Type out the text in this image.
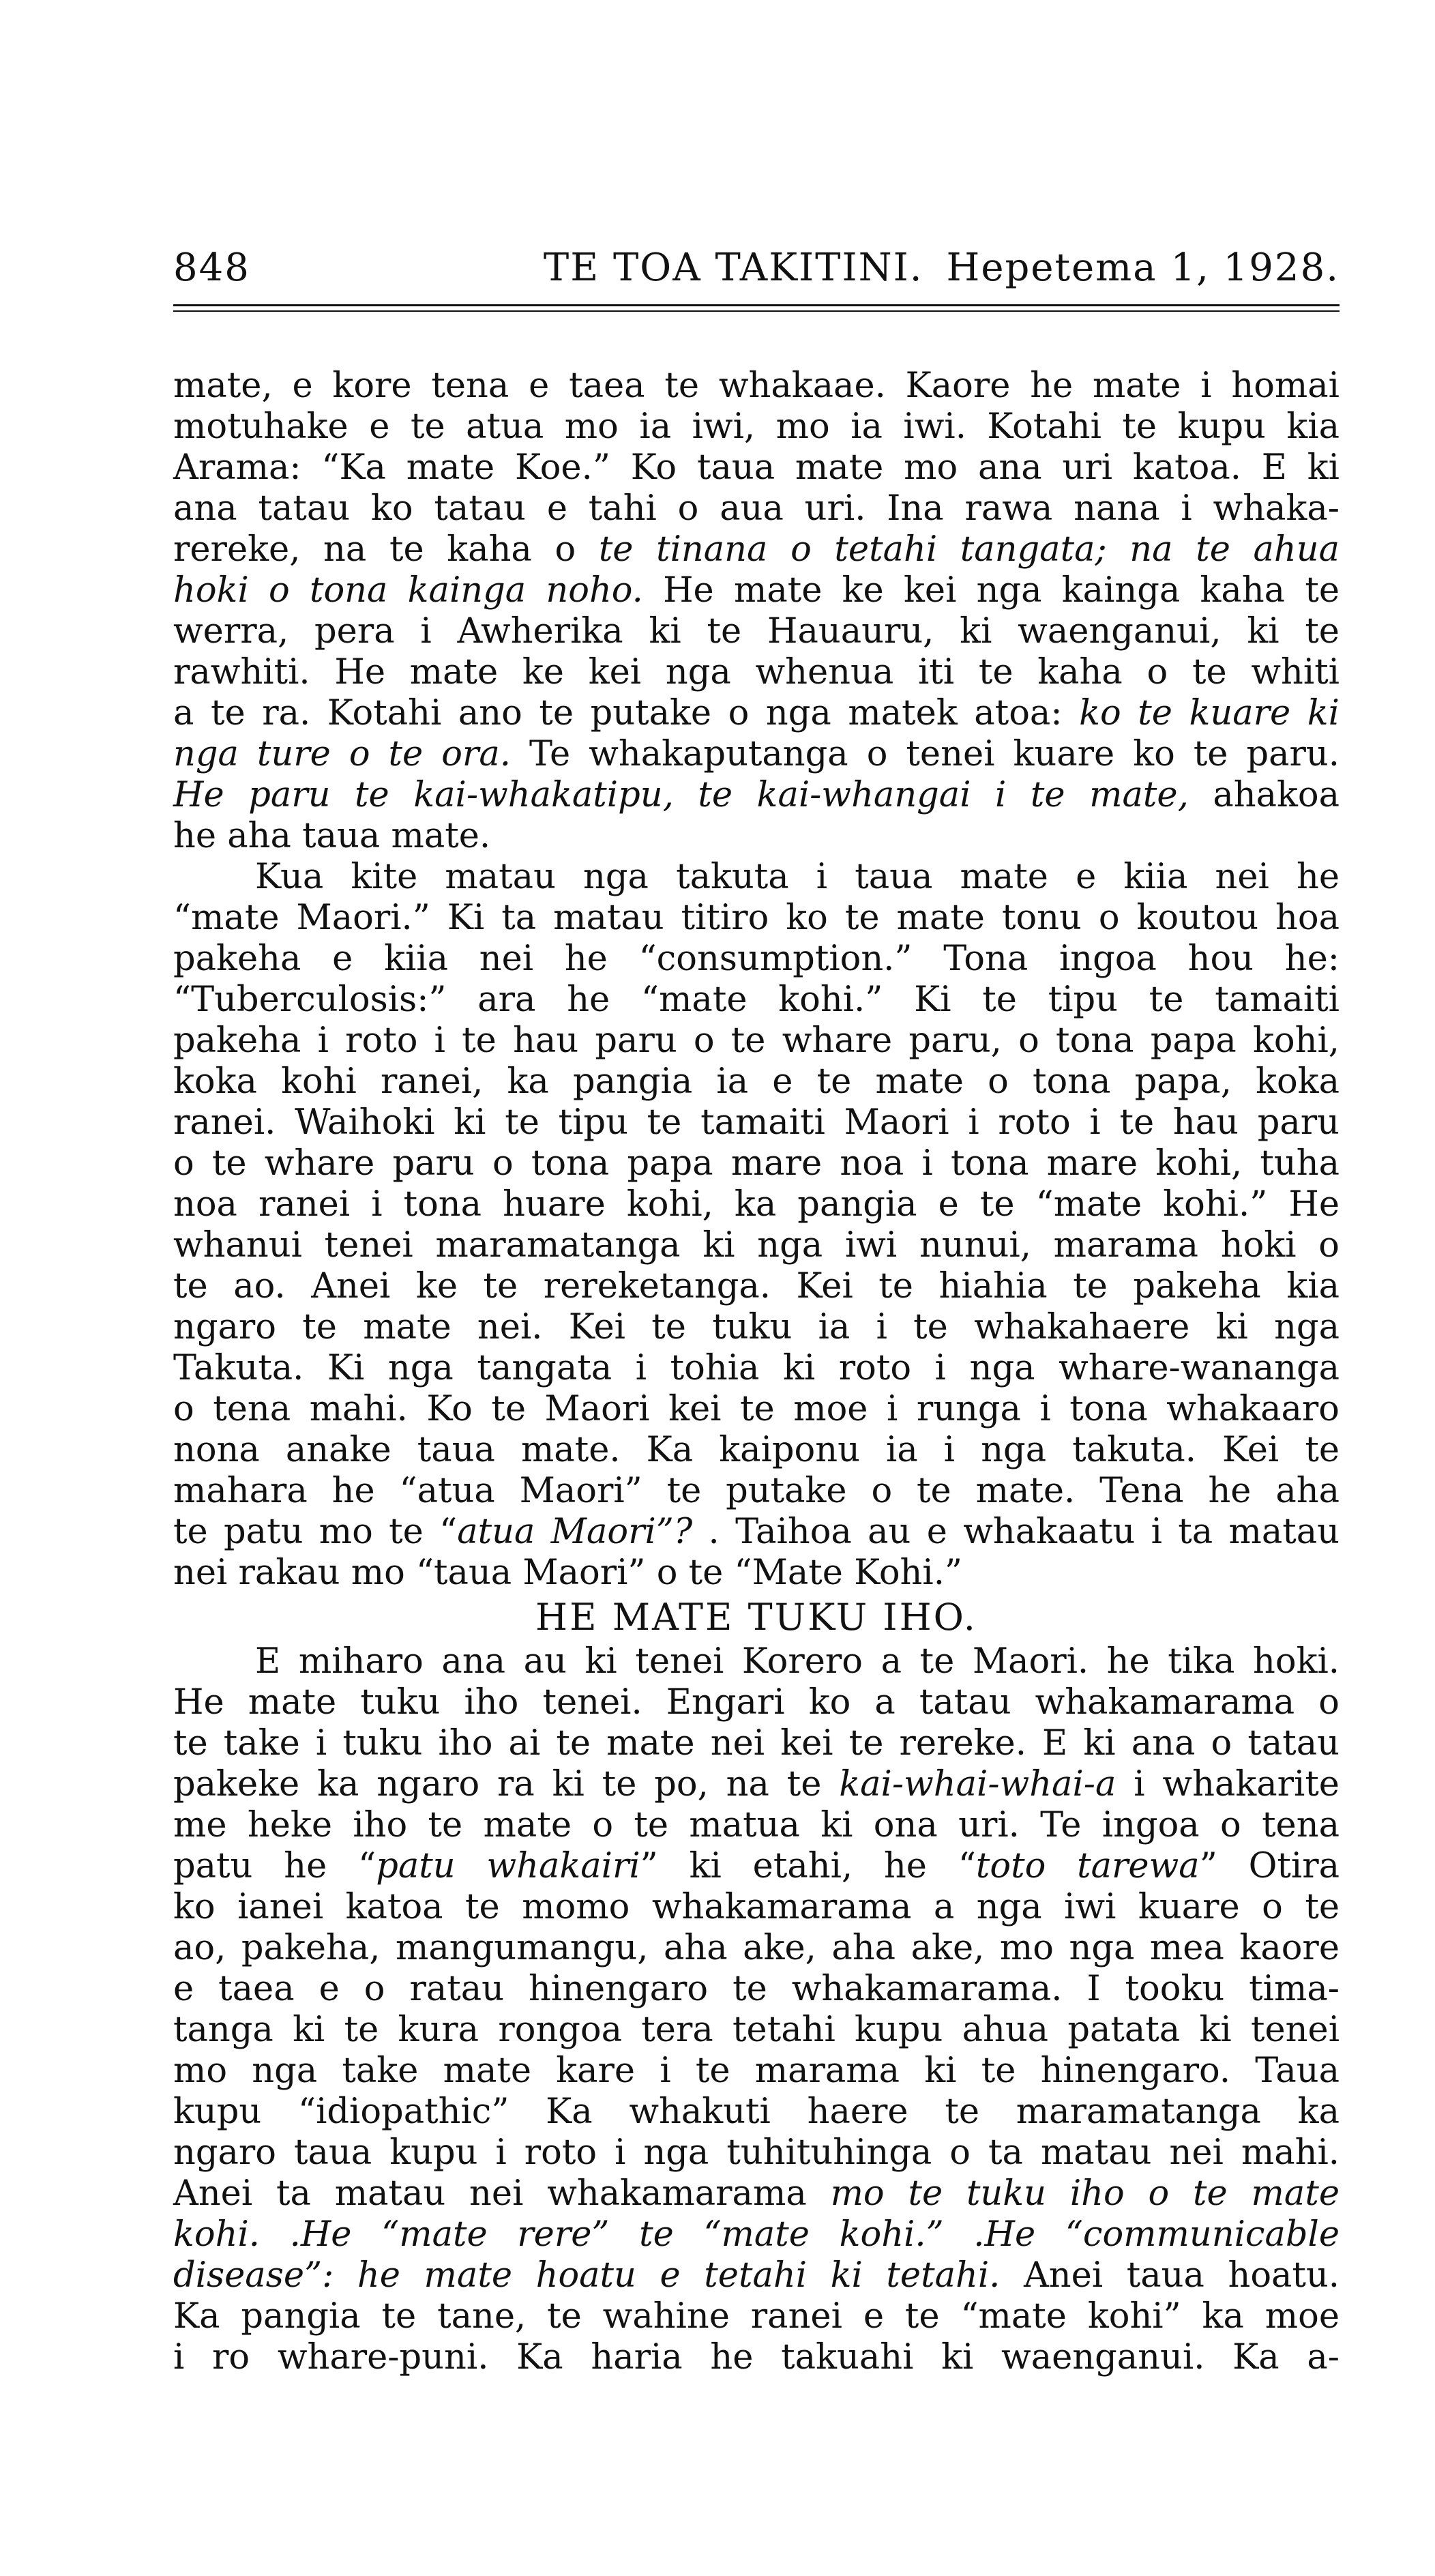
848	TE TOA TAKITINI. Hepetema 1, 1928.
mate, e kore tena e taea te whakaae. Kaore he mate i homai
motuhake e te atua mo ia iwi, mo ia iwi. Kotahi te kupu kia
Arama: “Ka mate Koe.” Ko taua mate mo ana uri katoa. E ki
ana tatau ko tatau e tahi o aua uri. Ina rawa nana i whaka-
rereke, na te kaha o te tinana o tetahi tangata; na te ahua
hoki o tona kainga noho. He mate ke kei nga kainga kaha te
werra, pera i Awherika ki te Hauauru, ki waenganui, ki te
rawhiti. He mate ke kei nga whenua iti te kaha o te whiti
a te ra. Kotahi ano te putake o nga matek atoa: ko te kuare ki
nga ture o te ora. Te whakaputanga o tenei kuare ko te paru.
He paru te kai-whakatipu, te kai-whangai i te mate, ahakoa
he aha taua mate.
Kua kite matau nga takuta i taua mate e kiia nei he
“mate Maori.” Ki ta matau titiro ko te mate tonu o koutou hoa
pakeha e kiia nei he “consumption.” Tona ingoa hou he:
“Tuberculosis:” ara he “mate kohi.” Ki te tipu te tamaiti
pakeha i roto i te hau paru o te whare paru, o tona papa kohi,
koka kohi ranei, ka pangia ia e te mate o tona papa, koka
ranei. Waihoki ki te tipu te tamaiti Maori i roto i te hau paru
o te whare paru o tona papa mare noa i tona mare kohi, tuha
noa ranei i tona huare kohi, ka pangia e te “mate kohi.” He
whanui tenei maramatanga ki nga iwi nunui, marama hoki o
te ao. Anei ke te rereketanga. Kei te hiahia te pakeha kia
ngaro te mate nei. Kei te tuku ia i te whakahaere ki nga
Takuta. Ki nga tangata i tohia ki roto i nga whare-wananga
o tena mahi. Ko te Maori kei te moe i runga i tona whakaaro
nona anake taua mate. Ka kaiponu ia i nga takuta. Kei te
mahara he “atua Maori” te putake o te mate. Tena he aha
te patu mo te “atua Maori”? . Taihoa au e whakaatu i ta matau
nei rakau mo “taua Maori” o te “Mate Kohi.”
HE MATE TUKU IHO.
E miharo ana au ki tenei Korero a te Maori. he tika hoki.
He mate tuku iho tenei. Engari ko a tatau whakamarama o
te take i tuku iho ai te mate nei kei te rereke. E ki ana o tatau
pakeke ka ngaro ra ki te po, na te kai-whai-whai-a i whakarite
me heke iho te mate o te matua ki ona uri. Te ingoa o tena
patu he “patu whakairi” ki etahi, he “toto tarewa” Otira
ko ianei katoa te momo whakamarama a nga iwi kuare o te
ao, pakeha, mangumangu, aha ake, aha ake, mo nga mea kaore
e taea e o ratau hinengaro te whakamarama. I tooku tima-
tanga ki te kura rongoa tera tetahi kupu ahua patata ki tenei
mo nga take mate kare i te marama ki te hinengaro. Taua
kupu “idiopathic” Ka whakuti haere te maramatanga ka
ngaro taua kupu i roto i nga tuhituhinga o ta matau nei mahi.
Anei ta matau nei whakamarama mo te tuku iho o te mate
kohi. .He “mate rere” te “mate kohi.” .He “communicable
disease”: he mate hoatu e tetahi ki tetahi. Anei taua hoatu.
Ka pangia te tane, te wahine ranei e te “mate kohi” ka moe
i ro whare-puni. Ka haria he takuahi ki waenganui. Ka a-
